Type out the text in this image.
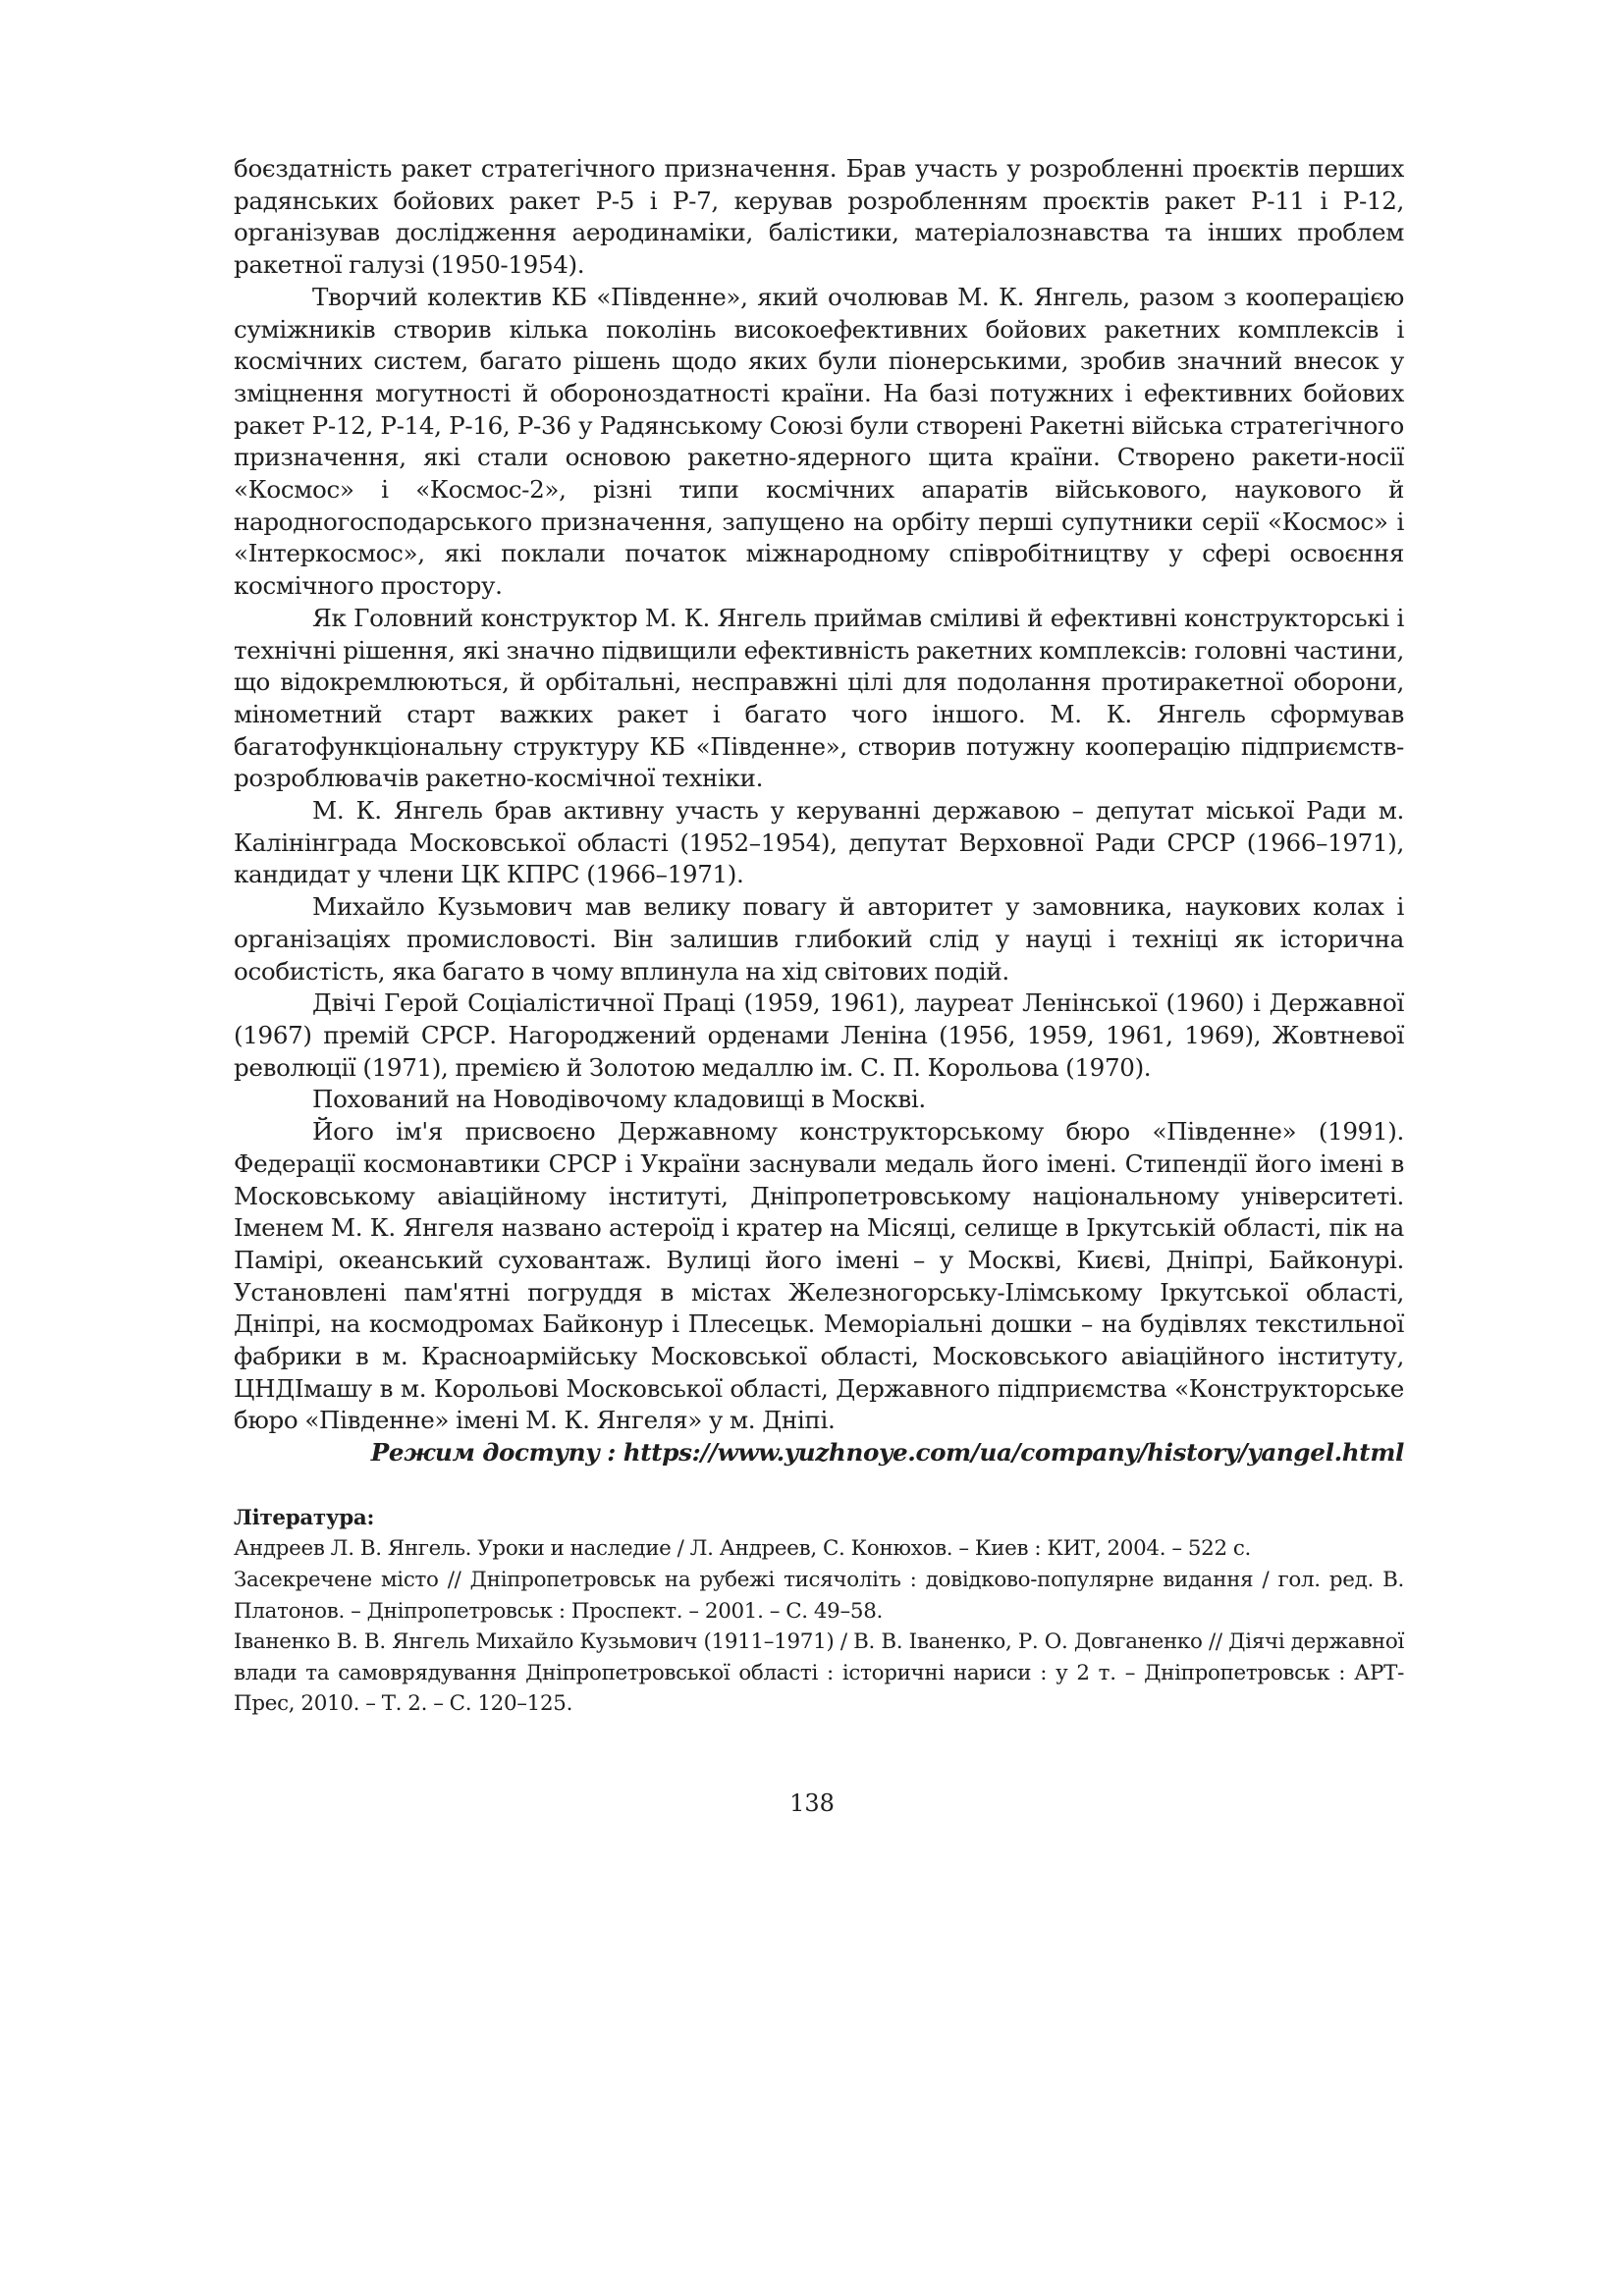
боєздатність ракет стратегічного призначення. Брав участь у розробленні проєктів перших радянських бойових ракет Р-5 і Р-7, керував розробленням проєктів ракет Р-11 і Р-12, організував дослідження аеродинаміки, балістики, матеріалознавства та інших проблем ракетної галузі (1950-1954).

Творчий колектив КБ «Південне», який очолював М. К. Янгель, разом з кооперацією суміжників створив кілька поколінь високоефективних бойових ракетних комплексів і космічних систем, багато рішень щодо яких були піонерськими, зробив значний внесок у зміцнення могутності й обороноздатності країни. На базі потужних і ефективних бойових ракет Р-12, Р-14, Р-16, Р-36 у Радянському Союзі були створені Ракетні війська стратегічного призначення, які стали основою ракетно-ядерного щита країни. Створено ракети-носії «Космос» і «Космос-2», різні типи космічних апаратів військового, наукового й народногосподарського призначення, запущено на орбіту перші супутники серії «Космос» і «Інтеркосмос», які поклали початок міжнародному співробітництву у сфері освоєння космічного простору.

Як Головний конструктор М. К. Янгель приймав сміливі й ефективні конструкторські і технічні рішення, які значно підвищили ефективність ракетних комплексів: головні частини, що відокремлюються, й орбітальні, несправжні цілі для подолання протиракетної оборони, мінометний старт важких ракет і багато чого іншого. М. К. Янгель сформував багатофункціональну структуру КБ «Південне», створив потужну кооперацію підприємств-розроблювачів ракетно-космічної техніки.

М. К. Янгель брав активну участь у керуванні державою – депутат міської Ради м. Калінінграда Московської області (1952–1954), депутат Верховної Ради СРСР (1966–1971), кандидат у члени ЦК КПРС (1966–1971).

Михайло Кузьмович мав велику повагу й авторитет у замовника, наукових колах і організаціях промисловості. Він залишив глибокий слід у науці і техніці як історична особистість, яка багато в чому вплинула на хід світових подій.

Двічі Герой Соціалістичної Праці (1959, 1961), лауреат Ленінської (1960) і Державної (1967) премій СРСР. Нагороджений орденами Леніна (1956, 1959, 1961, 1969), Жовтневої революції (1971), премією й Золотою медаллю ім. С. П. Корольова (1970).

Похований на Новодівочому кладовищі в Москві.

Його ім'я присвоєно Державному конструкторському бюро «Південне» (1991). Федерації космонавтики СРСР і України заснували медаль його імені. Стипендії його імені в Московському авіаційному інституті, Дніпропетровському національному університеті. Іменем М. К. Янгеля названо астероїд і кратер на Місяці, селище в Іркутській області, пік на Памірі, океанський суховантаж. Вулиці його імені – у Москві, Києві, Дніпрі, Байконурі. Установлені пам'ятні погруддя в містах Железногорську-Ілімському Іркутської області, Дніпрі, на космодромах Байконур і Плесецьк. Меморіальні дошки – на будівлях текстильної фабрики в м. Красноармійську Московської області, Московського авіаційного інституту, ЦНДІмашу в м. Корольові Московської області, Державного підприємства «Конструкторське бюро «Південне» імені М. К. Янгеля» у м. Дніпі.

Режим доступу : https://www.yuzhnoye.com/ua/company/history/yangel.html

Література:

Андреев Л. В. Янгель. Уроки и наследие / Л. Андреев, С. Конюхов. – Киев : КИТ, 2004. – 522 с.

Засекречене місто // Дніпропетровськ на рубежі тисячоліть : довідково-популярне видання / гол. ред. В. Платонов. – Дніпропетровськ : Проспект. – 2001. – С. 49–58.

Іваненко В. В. Янгель Михайло Кузьмович (1911–1971) / В. В. Іваненко, Р. О. Довганенко // Діячі державної влади та самоврядування Дніпропетровської області : історичні нариси : у 2 т. – Дніпропетровськ : АРТ-Прес, 2010. – Т. 2. – С. 120–125.

138
